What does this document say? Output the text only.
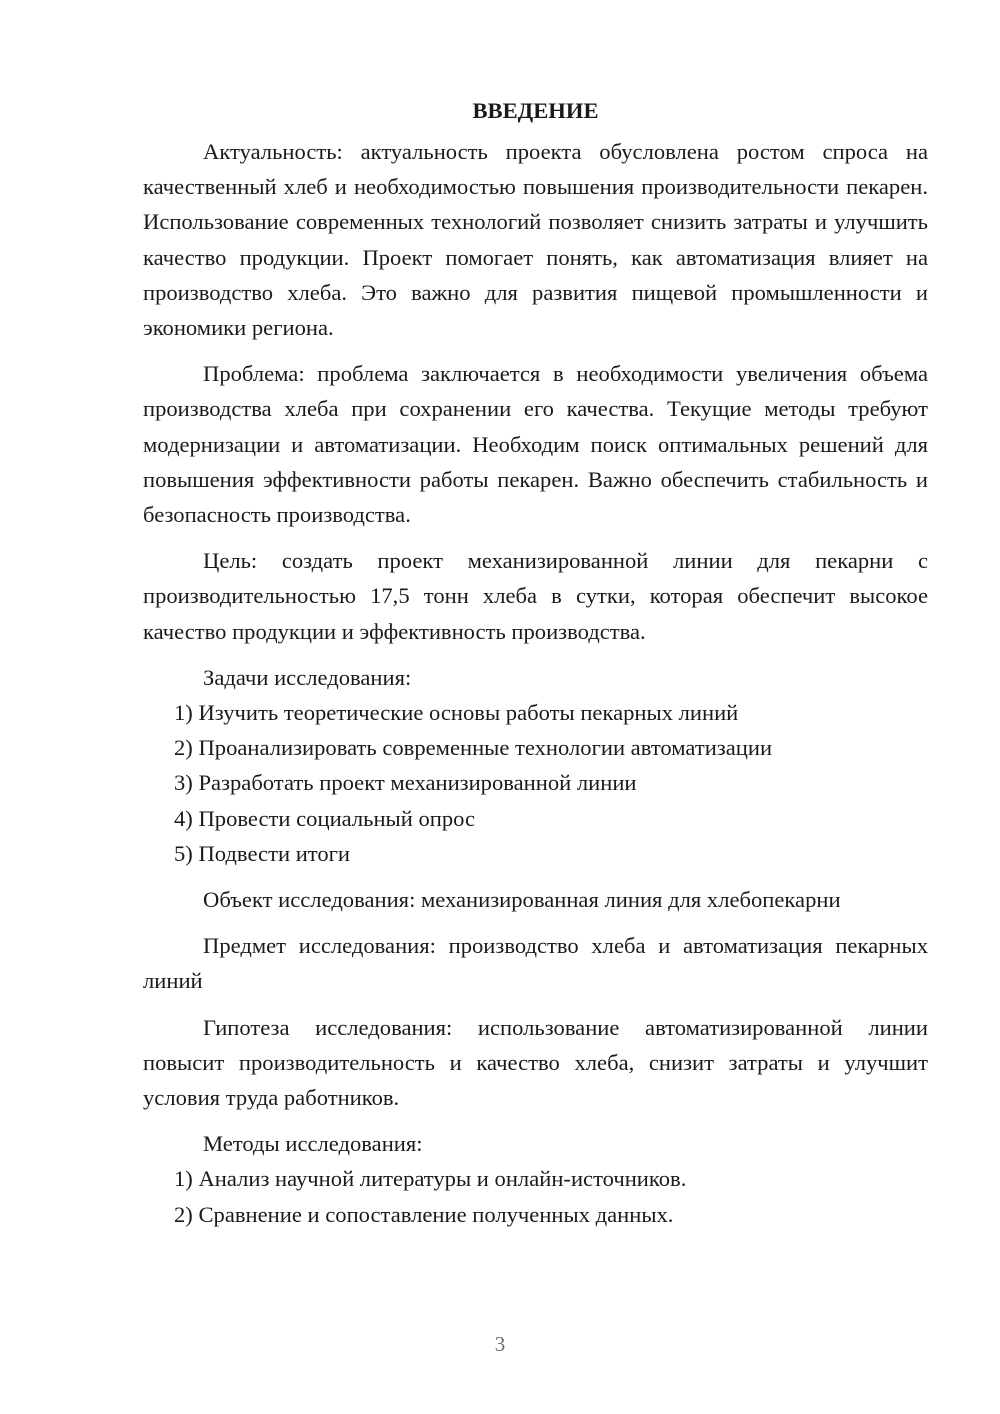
ВВЕДЕНИЕ

Актуальность: актуальность проекта обусловлена ростом спроса на качественный хлеб и необходимостью повышения производительности пекарен. Использование современных технологий позволяет снизить затраты и улучшить качество продукции. Проект помогает понять, как автоматизация влияет на производство хлеба. Это важно для развития пищевой промышленности и экономики региона.

Проблема: проблема заключается в необходимости увеличения объема производства хлеба при сохранении его качества. Текущие методы требуют модернизации и автоматизации. Необходим поиск оптимальных решений для повышения эффективности работы пекарен. Важно обеспечить стабильность и безопасность производства.

Цель: создать проект механизированной линии для пекарни с производительностью 17,5 тонн хлеба в сутки, которая обеспечит высокое качество продукции и эффективность производства.

Задачи исследования:

1) Изучить теоретические основы работы пекарных линий

2) Проанализировать современные технологии автоматизации

3) Разработать проект механизированной линии

4) Провести социальный опрос

5) Подвести итоги

Объект исследования: механизированная линия для хлебопекарни

Предмет исследования: производство хлеба и автоматизация пекарных линий

Гипотеза исследования: использование автоматизированной линии повысит производительность и качество хлеба, снизит затраты и улучшит условия труда работников.

Методы исследования:

1) Анализ научной литературы и онлайн-источников.

2) Сравнение и сопоставление полученных данных.

3
